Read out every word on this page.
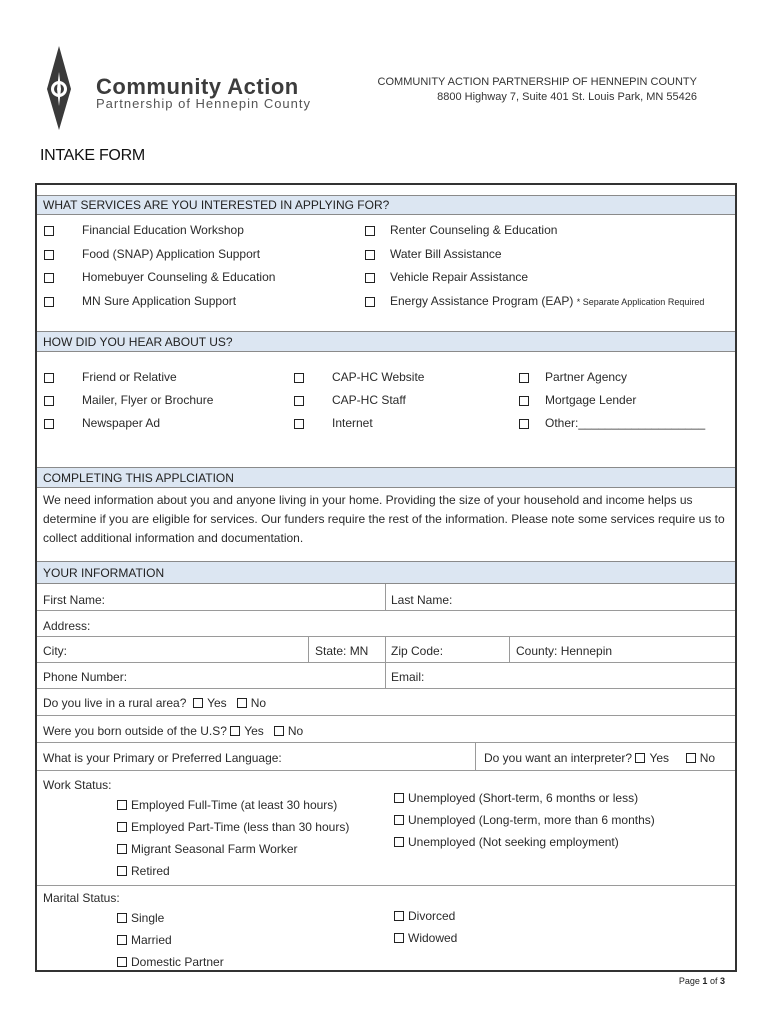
Community Action
Partnership of Hennepin County
COMMUNITY ACTION PARTNERSHIP OF HENNEPIN COUNTY
8800 Highway 7, Suite 401 St. Louis Park, MN 55426
INTAKE FORM
WHAT SERVICES ARE YOU INTERESTED IN APPLYING FOR?
Financial Education Workshop
Food (SNAP) Application Support
Homebuyer Counseling & Education
MN Sure Application Support
Renter Counseling & Education
Water Bill Assistance
Vehicle Repair Assistance
Energy Assistance Program (EAP) * Separate Application Required
HOW DID YOU HEAR ABOUT US?
Friend or Relative
Mailer, Flyer or Brochure
Newspaper Ad
CAP-HC Website
CAP-HC Staff
Internet
Partner Agency
Mortgage Lender
Other:___________________
COMPLETING THIS APPLCIATION
We need information about you and anyone living in your home. Providing the size of your household and income helps us determine if you are eligible for services. Our funders require the rest of the information. Please note some services require us to collect additional information and documentation.
YOUR INFORMATION
First Name:	Last Name:
Address:
City:	State: MN Zip Code:	County: Hennepin
Phone Number:	Email:
Do you live in a rural area? Yes No
Were you born outside of the U.S? Yes No
What is your Primary or Preferred Language:	Do you want an interpreter? Yes	No
Work Status:
Employed Full-Time (at least 30 hours)
Employed Part-Time (less than 30 hours)
Migrant Seasonal Farm Worker
Retired
Unemployed (Short-term, 6 months or less)
Unemployed (Long-term, more than 6 months)
Unemployed (Not seeking employment)
Marital Status:
Single
Married
Domestic Partner
Divorced
Widowed
Page 1 of 3
